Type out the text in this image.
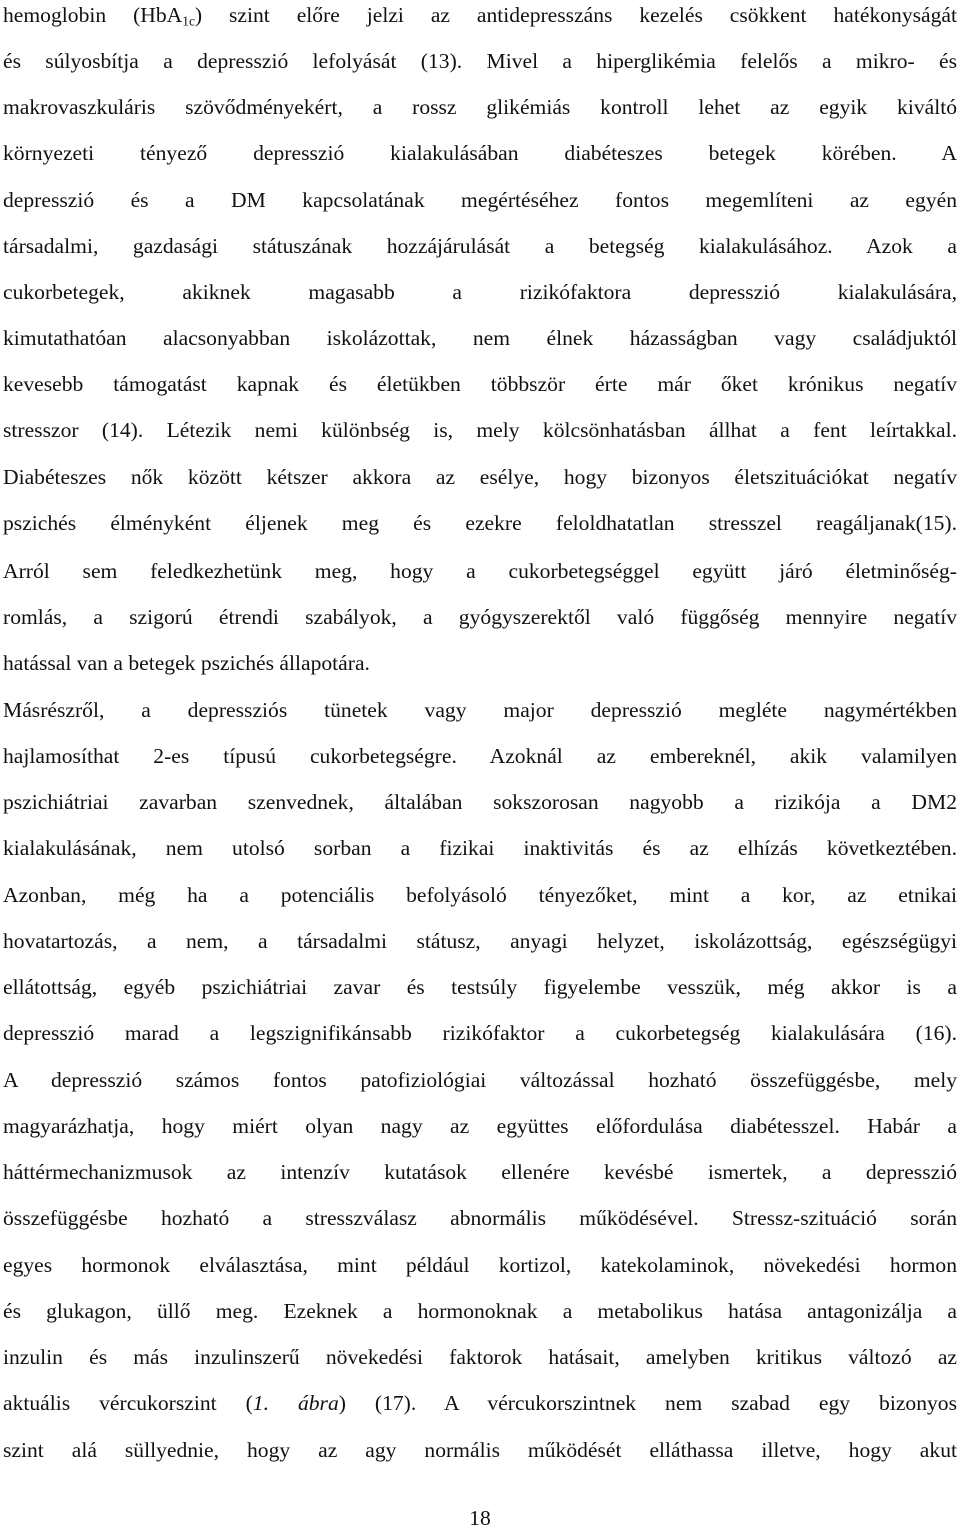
hemoglobin (HbA$_{1c}$) szint előre jelzi az antidepresszáns kezelés csökkent hatékonyságát
és súlyosbítja a depresszió lefolyását (13). Mivel a hiperglikémia felelős a mikro- és
makrovaszkuláris szövődményekért, a rossz glikémiás kontroll lehet az egyik kiváltó
környezeti tényező depresszió kialakulásában diabéteszes betegek körében. A
depresszió és a DM kapcsolatának megértéséhez fontos megemlíteni az egyén
társadalmi, gazdasági státuszának hozzájárulását a betegség kialakulásához. Azok a
cukorbetegek, akiknek magasabb a rizikófaktora depresszió kialakulására,
kimutathatóan alacsonyabban iskolázottak, nem élnek házasságban vagy családjuktól
kevesebb támogatást kapnak és életükben többször érte már őket krónikus negatív
stresszor (14). Létezik nemi különbség is, mely kölcsönhatásban állhat a fent leírtakkal.
Diabéteszes nők között kétszer akkora az esélye, hogy bizonyos életszituációkat negatív
pszichés élményként éljenek meg és ezekre feloldhatatlan stresszel reagáljanak(15).
Arról sem feledkezhetünk meg, hogy a cukorbetegséggel együtt járó életminőség-
romlás, a szigorú étrendi szabályok, a gyógyszerektől való függőség mennyire negatív
hatással van a betegek pszichés állapotára.
Másrészről, a depressziós tünetek vagy major depresszió megléte nagymértékben
hajlamosíthat 2-es típusú cukorbetegségre. Azoknál az embereknél, akik valamilyen
pszichiátriai zavarban szenvednek, általában sokszorosan nagyobb a rizikója a DM2
kialakulásának, nem utolsó sorban a fizikai inaktivitás és az elhízás következtében.
Azonban, még ha a potenciális befolyásoló tényezőket, mint a kor, az etnikai
hovatartozás, a nem, a társadalmi státusz, anyagi helyzet, iskolázottság, egészségügyi
ellátottság, egyéb pszichiátriai zavar és testsúly figyelembe vesszük, még akkor is a
depresszió marad a legszignifikánsabb rizikófaktor a cukorbetegség kialakulására (16).
A depresszió számos fontos patofiziológiai változással hozható összefüggésbe, mely
magyarázhatja, hogy miért olyan nagy az együttes előfordulása diabétesszel. Habár a
háttérmechanizmusok az intenzív kutatások ellenére kevésbé ismertek, a depresszió
összefüggésbe hozható a stresszválasz abnormális működésével. Stressz-szituáció során
egyes hormonok elválasztása, mint például kortizol, katekolaminok, növekedési hormon
és glukagon, üllő meg. Ezeknek a hormonoknak a metabolikus hatása antagonizálja a
inzulin és más inzulinszerű növekedési faktorok hatásait, amelyben kritikus változó az
aktuális vércukorszint (1. ábra) (17). A vércukorszintnek nem szabad egy bizonyos
szint alá süllyednie, hogy az agy normális működését elláthassa illetve, hogy akut
18
